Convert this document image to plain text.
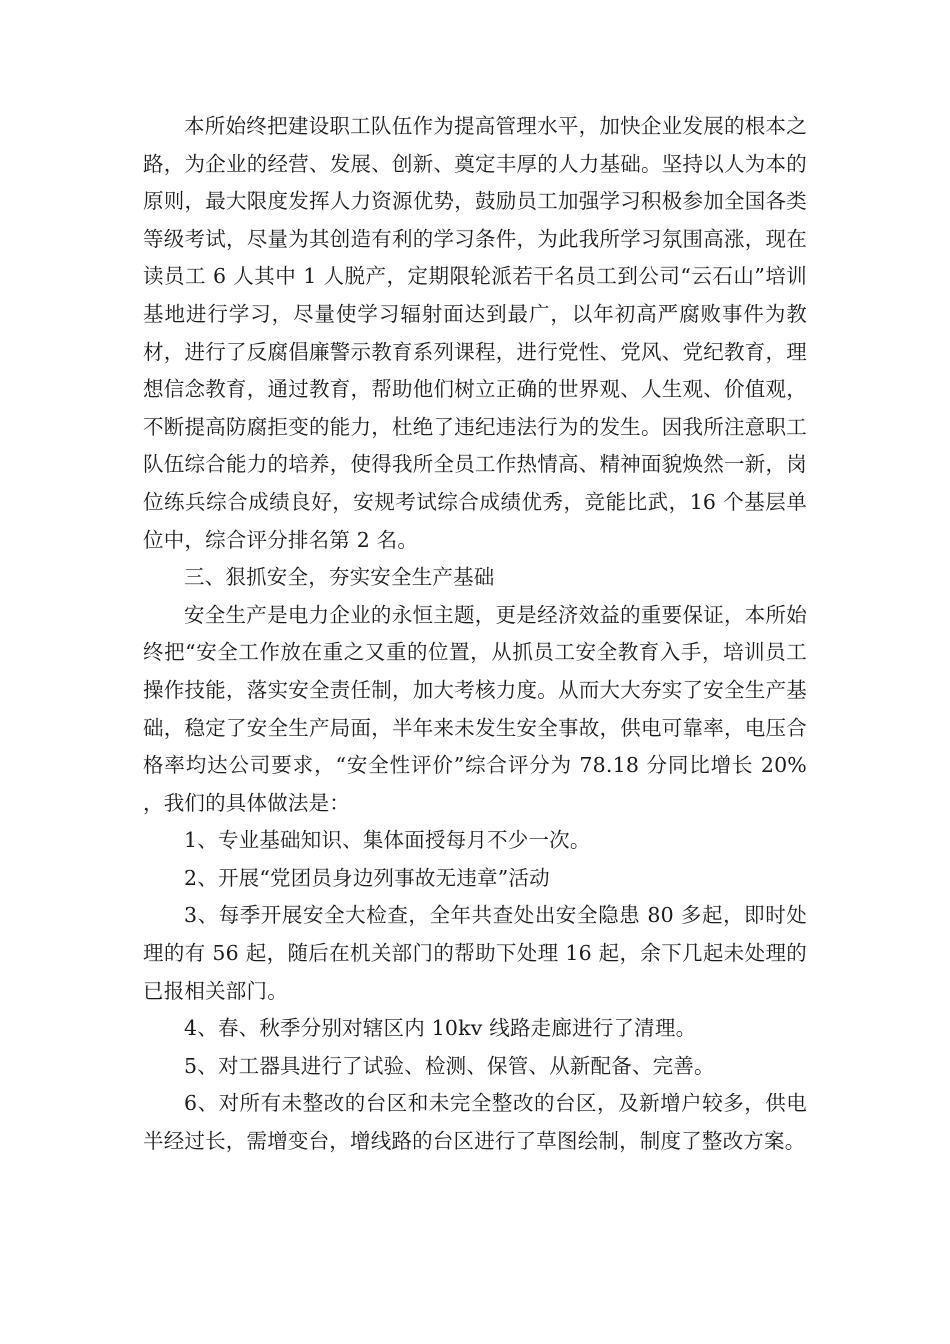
本所始终把建设职工队伍作为提高管理水平，加快企业发展的根本之路，为企业的经营、发展、创新、奠定丰厚的人力基础。坚持以人为本的原则，最大限度发挥人力资源优势，鼓励员工加强学习积极参加全国各类等级考试，尽量为其创造有利的学习条件，为此我所学习氛围高涨，现在读员工 6 人其中 1 人脱产，定期限轮派若干名员工到公司“云石山”培训基地进行学习，尽量使学习辐射面达到最广，以年初高严腐败事件为教材，进行了反腐倡廉警示教育系列课程，进行党性、党风、党纪教育，理想信念教育，通过教育，帮助他们树立正确的世界观、人生观、价值观，不断提高防腐拒变的能力，杜绝了违纪违法行为的发生。因我所注意职工队伍综合能力的培养，使得我所全员工作热情高、精神面貌焕然一新，岗位练兵综合成绩良好，安规考试综合成绩优秀，竞能比武，16 个基层单位中，综合评分排名第 2 名。

三、狠抓安全，夯实安全生产基础

安全生产是电力企业的永恒主题，更是经济效益的重要保证，本所始终把“安全工作放在重之又重的位置，从抓员工安全教育入手，培训员工操作技能，落实安全责任制，加大考核力度。从而大大夯实了安全生产基础，稳定了安全生产局面，半年来未发生安全事故，供电可靠率，电压合格率均达公司要求，“安全性评价”综合评分为 78.18 分同比增长 20% ，我们的具体做法是：

1、专业基础知识、集体面授每月不少一次。

2、开展“党团员身边列事故无违章”活动

3、每季开展安全大检查，全年共查处出安全隐患 80 多起，即时处理的有 56 起，随后在机关部门的帮助下处理 16 起，余下几起未处理的已报相关部门。

4、春、秋季分别对辖区内 10kv 线路走廊进行了清理。

5、对工器具进行了试验、检测、保管、从新配备、完善。

6、对所有未整改的台区和未完全整改的台区，及新增户较多，供电半经过长，需增变台，增线路的台区进行了草图绘制，制度了整改方案。
